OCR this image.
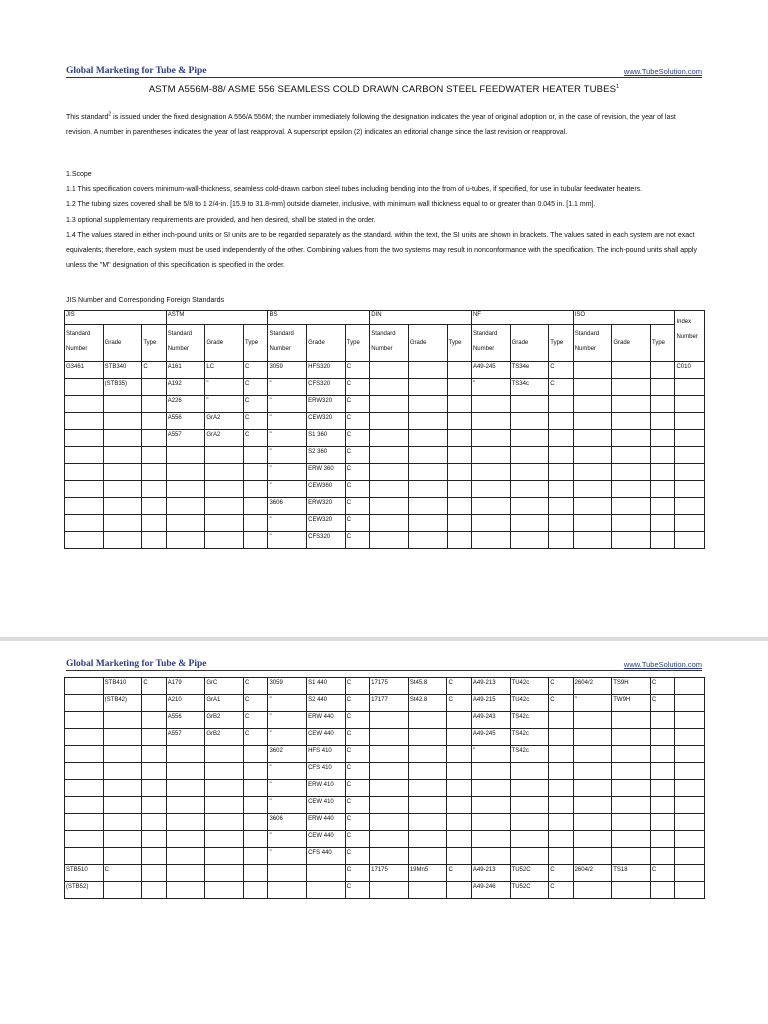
Global Marketing for Tube & Pipe	www.TubeSolution.com
ASTM A556M-88/ ASME 556 SEAMLESS COLD DRAWN CARBON STEEL FEEDWATER HEATER TUBES$^1$

This standard$^2$ is issued under the fixed designation A 556/A 556M; the number immediately following the designation indicates the year of original adoption or, in the case of revision, the year of last revision. A number in parentheses indicates the year of last reapproval. A superscript epsilon (2) indicates an editorial change since the last revision or reapproval.

1.Scope
1.1 This specification covers minimum-wall-thickness, seamless cold-drawn carbon steel tubes including bending into the from of u-tubes, if specified, for use in tubular feedwater heaters.
1.2 The tubing sizes covered shall be 5/8 to 1 2/4-in. [15.9 to 31.8-mm] outside diameter, inclusive, with minimum wall thickness equal to or greater than 0.045 in. [1.1 mm].
1.3 optional supplementary requirements are provided, and hen desired, shall be stated in the order.
1.4 The values stared in either inch-pound units or SI units are to be regarded separately as the standard. within the text, the SI units are shown in brackets. The values sated in each system are not exact equivalents; therefore, each system must be used independently of the other. Combining values from the two systems may result in nonconformance with the specification. The inch-pound units shall apply unless the "M" designation of this specification is specified in the order.

JIS Number and Corresponding Foreign Standards
JIS			ASTM			BS			DIN			NF			ISO			Index Number
Standard Number	Grade	Type	Standard Number	Grade	Type	Standard Number	Grade	Type	Standard Number	Grade	Type	Standard Number	Grade	Type	Standard Number	Grade	Type	
G3461	STB340	C	A161	LC	C	3059	HFS320	C				A49-245	TS34e	C				C010
	(STB35)		A192	"	C	"	CFS320	C				"	TS34c	C				
			A226	"	C	"	ERW320	C										
			A556	GrA2	C	"	CEW320	C										
			A557	GrA2	C	"	S1 360	C										
						"	S2 360	C										
						"	ERW 360	C										
						"	CEW360	C										
						3606	ERW320	C										
						"	CEW320	C										
						"	CFS320	C										
Global Marketing for Tube & Pipe	www.TubeSolution.com
	STB410	C	A179	GrC	C	3059	S1 440	C	17175	St45.8	C	A49-213	TU42c	C	2604/2	TS9H	C	
	(STB42)		A210	GrA1	C	"	S2 440	C	17177	St42.8	C	A49-215	TU42c	C	"	TW9H	C	
			A556	GrB2	C	"	ERW 440	C				A49-243	TS42c					
			A557	GrB2	C	"	CEW 440	C				A49-245	TS42c					
						3602	HFS 410	C				"	TS42c					
						"	CFS 410	C										
						"	ERW 410	C										
						"	CEW 410	C										
						3606	ERW 440	C										
						"	CEW 440	C										
						"	CFS 440	C										
STB510	C							C	17175	19Mn5	C	A49-213	TU52C	C	2604/2	TS18	C	
(STB52)								C				A49-246	TU52C	C				
